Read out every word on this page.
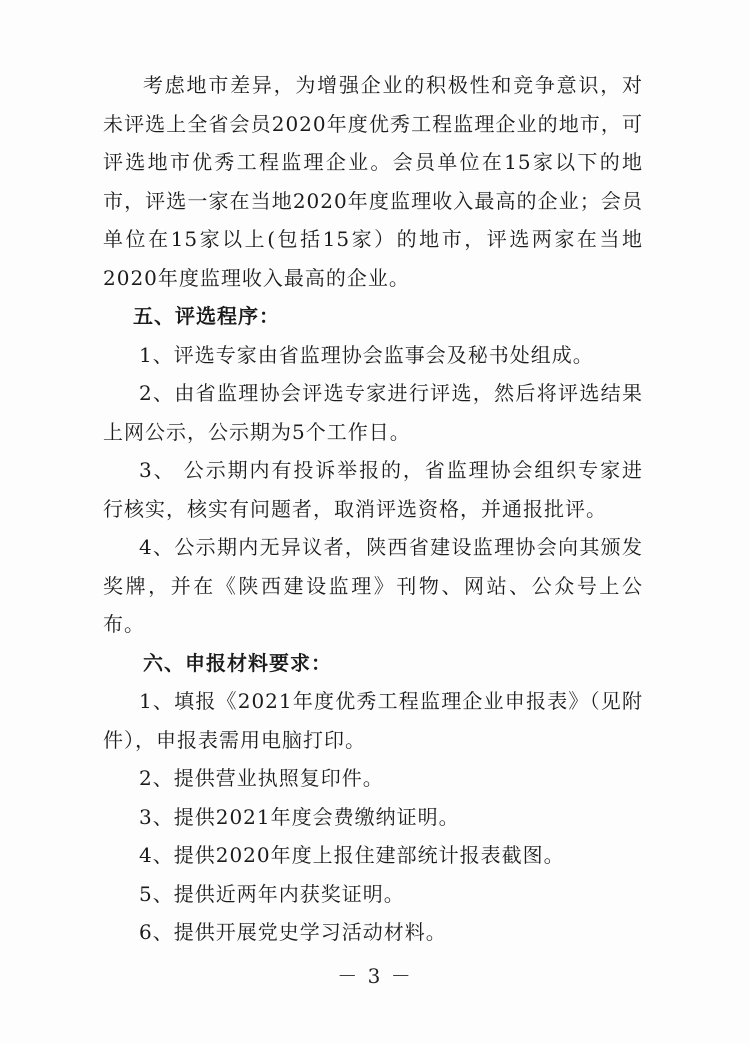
考虑地市差异，为增强企业的积极性和竞争意识，对未评选上全省会员2020年度优秀工程监理企业的地市，可评选地市优秀工程监理企业。会员单位在15家以下的地市，评选一家在当地2020年度监理收入最高的企业；会员单位在15家以上(包括15家）的地市，评选两家在当地2020年度监理收入最高的企业。

五、评选程序：

1、评选专家由省监理协会监事会及秘书处组成。

2、由省监理协会评选专家进行评选，然后将评选结果上网公示，公示期为5个工作日。

3、 公示期内有投诉举报的，省监理协会组织专家进行核实，核实有问题者，取消评选资格，并通报批评。

4、公示期内无异议者，陕西省建设监理协会向其颁发奖牌，并在《陕西建设监理》刊物、网站、公众号上公布。

六、申报材料要求：

1、填报《2021年度优秀工程监理企业申报表》（见附件），申报表需用电脑打印。

2、提供营业执照复印件。

3、提供2021年度会费缴纳证明。

4、提供2020年度上报住建部统计报表截图。

5、提供近两年内获奖证明。

6、提供开展党史学习活动材料。

－ 3 －
